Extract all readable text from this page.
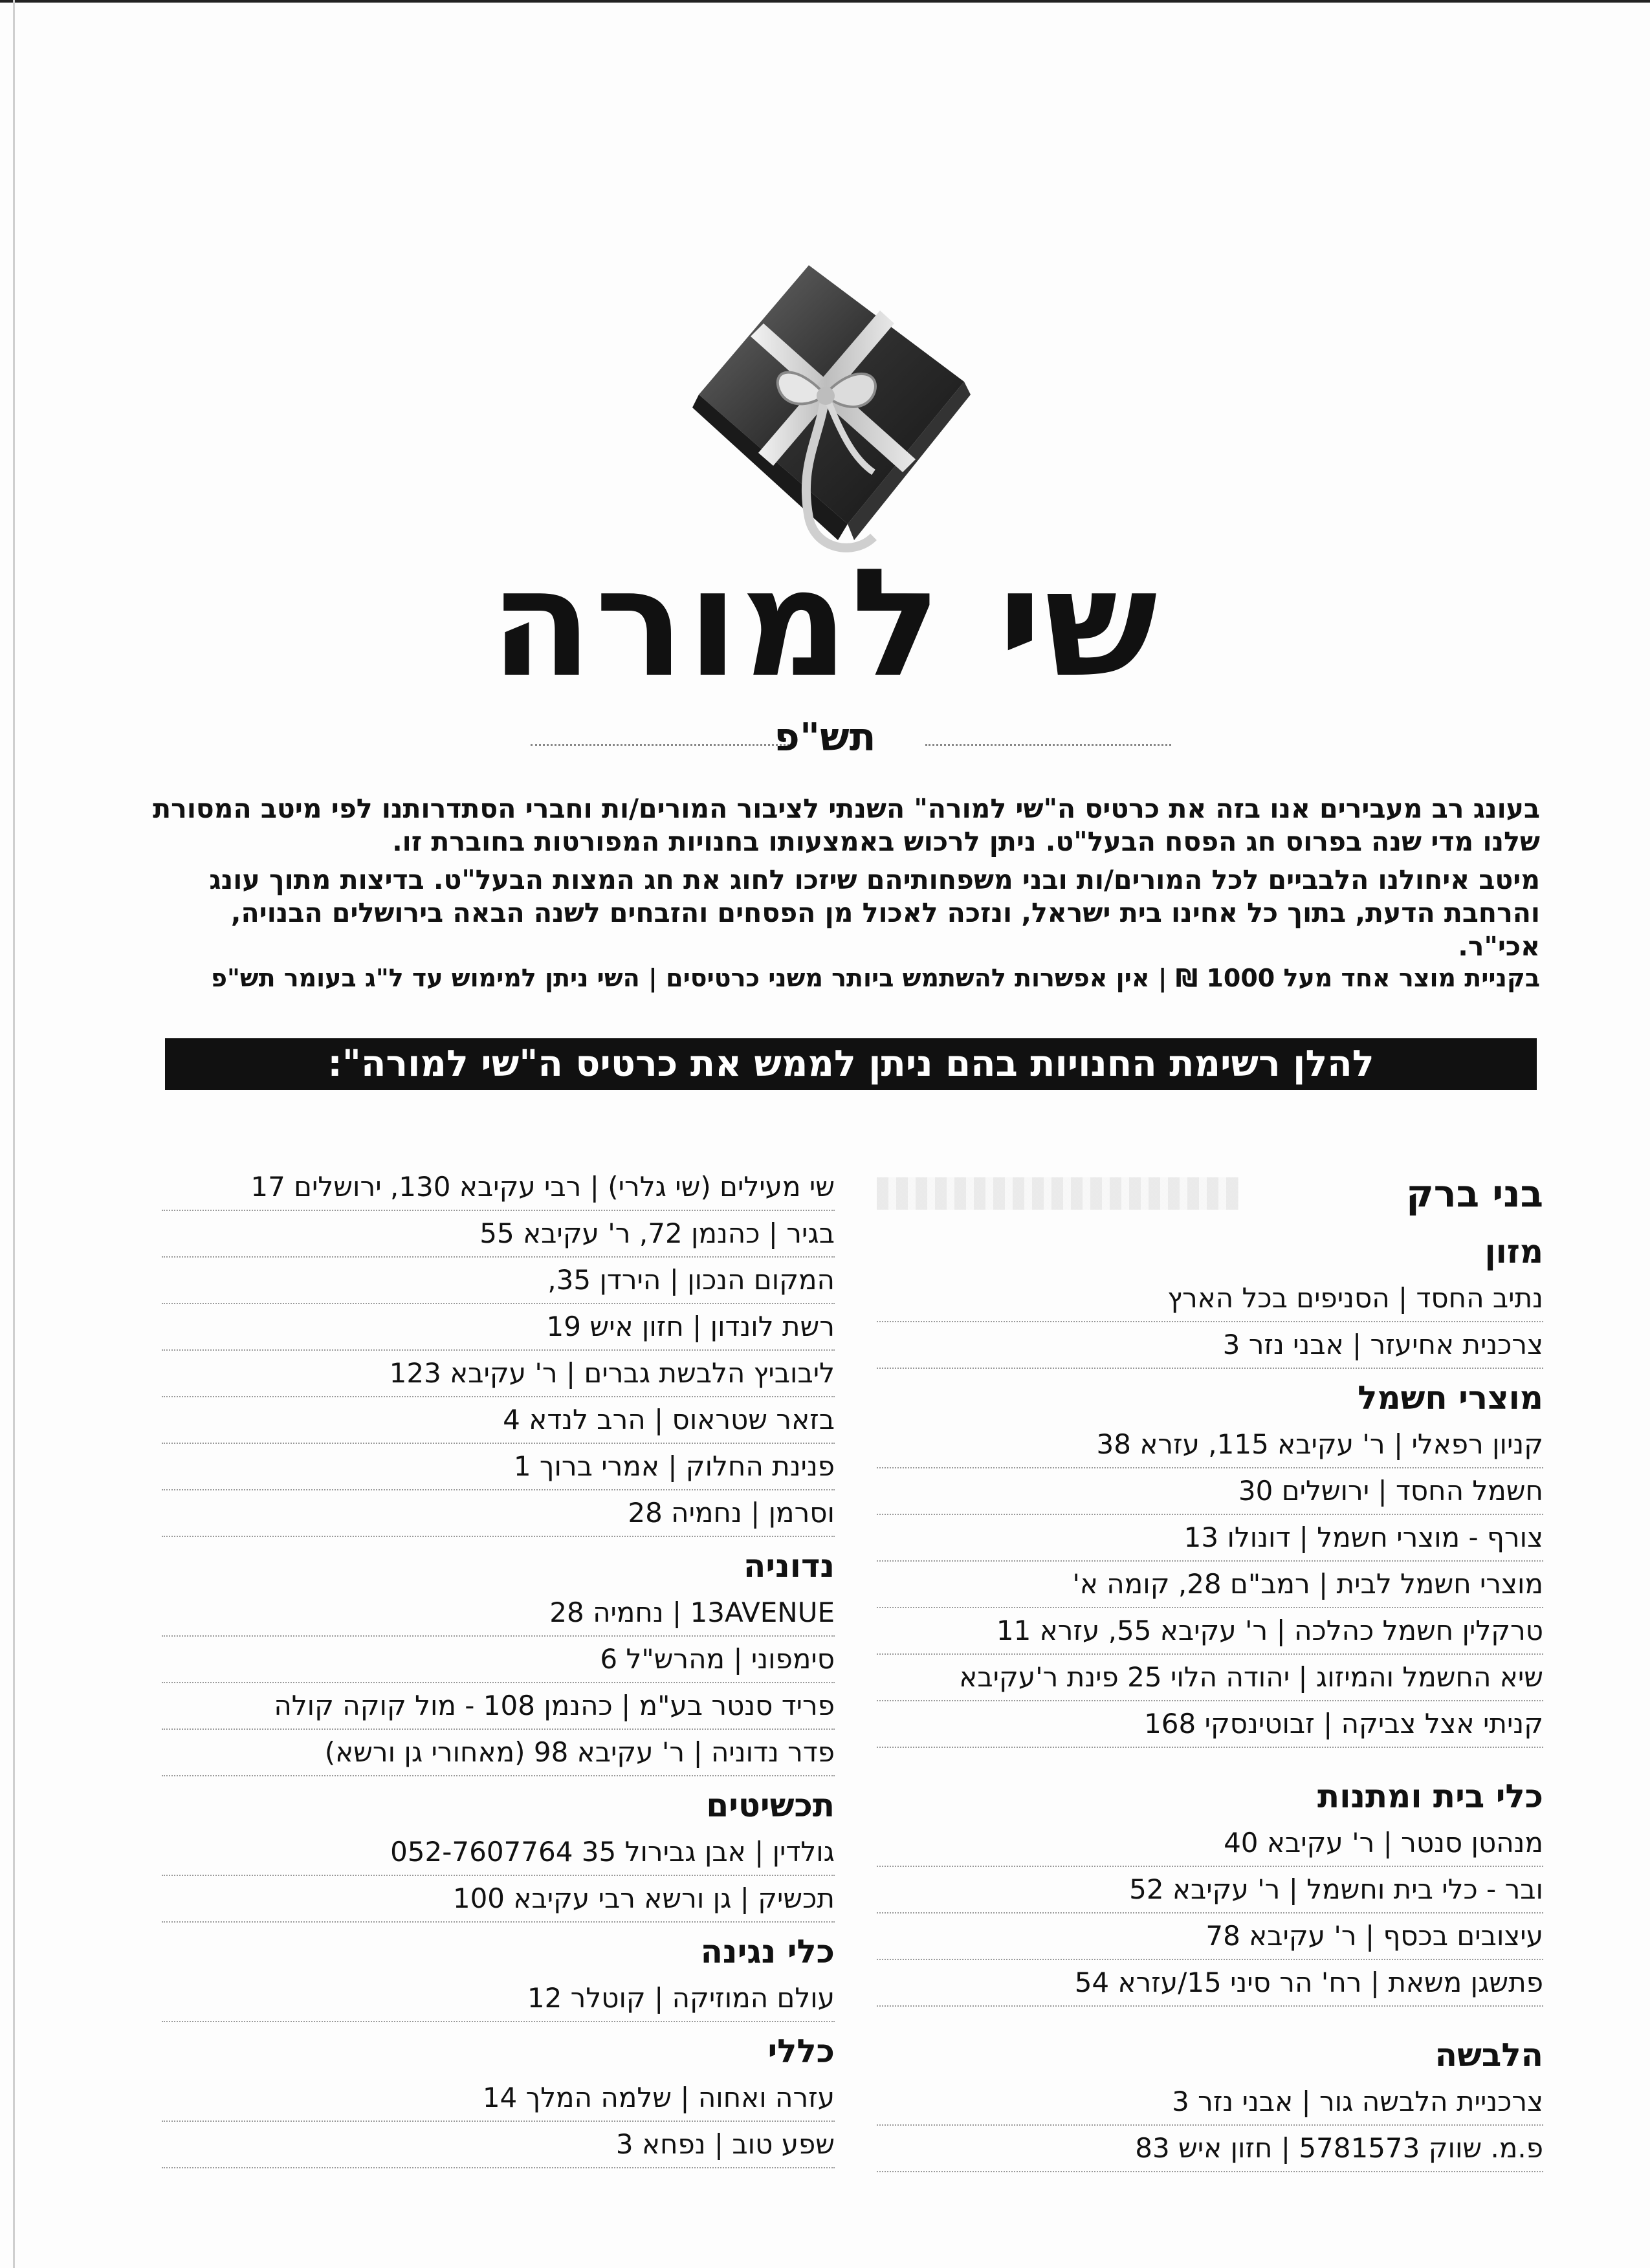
שי למורה
תש"פ

בעונג רב מעבירים אנו בזה את כרטיס ה"שי למורה" השנתי לציבור המורים/ות וחברי הסתדרותנו לפי מיטב המסורת שלנו מדי שנה בפרוס חג הפסח הבעל"ט. ניתן לרכוש באמצעותו בחנויות המפורטות בחוברת זו.

מיטב איחולנו הלבביים לכל המורים/ות ובני משפחותיהם שיזכו לחוג את חג המצות הבעל"ט. בדיצות מתוך עונג והרחבת הדעת, בתוך כל אחינו בית ישראל, ונזכה לאכול מן הפסחים והזבחים לשנה הבאה בירושלים הבנויה, אכי"ר.

בקניית מוצר אחד מעל 1000 ₪ | אין אפשרות להשתמש ביותר משני כרטיסים | השי ניתן למימוש עד ל"ג בעומר תש"פ
להלן רשימת החנויות בהם ניתן לממש את כרטיס ה"שי למורה":
בני ברק
מזון
נתיב החסד | הסניפים בכל הארץ
צרכנית אחיעזר | אבני נזר 3
מוצרי חשמל
קניון רפאלי | ר' עקיבא 115, עזרא 38
חשמל החסד | ירושלים 30
צורף - מוצרי חשמל | דונולו 13
מוצרי חשמל לבית | רמב"ם 28, קומה א'
טרקלין חשמל כהלכה | ר' עקיבא 55, עזרא 11
שיא החשמל והמיזוג | יהודה הלוי 25 פינת ר'עקיבא
קניתי אצל צביקה | זבוטינסקי 168
כלי בית ומתנות
מנהטן סנטר | ר' עקיבא 40
ובר - כלי בית וחשמל | ר' עקיבא 52
עיצובים בכסף | ר' עקיבא 78
פתשגן משאת | רח' הר סיני 15/עזרא 54
הלבשה
צרכניית הלבשה גור | אבני נזר 3
פ.מ. שווק 5781573 | חזון איש 83
שי מעילים (שי גלרי) | רבי עקיבא 130, ירושלים 17
בגיר | כהנמן 72, ר' עקיבא 55
המקום הנכון | הירדן 35,
רשת לונדון | חזון איש 19
ליבוביץ הלבשת גברים | ר' עקיבא 123
בזאר שטראוס | הרב לנדא 4
פנינת החלוק | אמרי ברוך 1
וסרמן | נחמיה 28
נדוניה
13AVENUE | נחמיה 28
סימפוני | מהרש"ל 6
פריד סנטר בע"מ | כהנמן 108 - מול קוקה קולה
פדר נדוניה | ר' עקיבא 98 (מאחורי גן ורשא)
תכשיטים
גולדין | אבן גבירול 35 052-7607764
תכשיק | גן ורשא רבי עקיבא 100
כלי נגינה
עולם המוזיקה | קוטלר 12
כללי
עזרה ואחוה | שלמה המלך 14
שפע טוב | נפחא 3
